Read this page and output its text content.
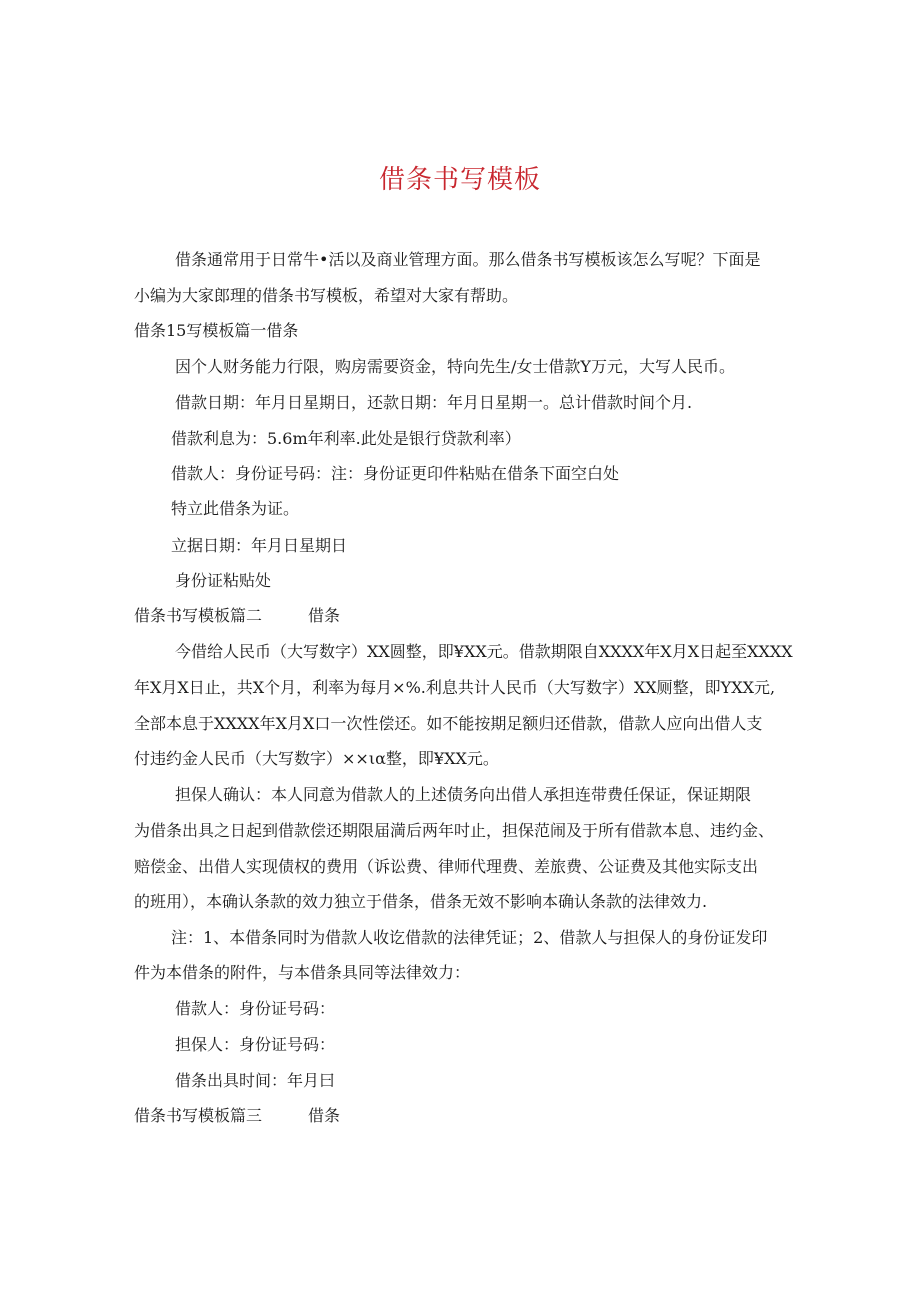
借条书写模板
借条通常用于日常牛•活以及商业管理方面。那么借条书写模板该怎么写呢？下面是
小编为大家郎理的借条书写模板，希望对大家有帮助。
借条15写模板篇一借条
因个人财务能力行限，购房需要资金，特向先生/女士借款Y万元，大写人民币。
借款日期：年月日星期日，还款日期：年月日星期一。总计借款时间个月.
借款利息为：5.6m年利率.此处是银行贷款利率）
借款人：身份证号码：注：身份证更印件粘贴在借条下面空白处
特立此借条为证。
立据日期：年月日星期日
身份证粘贴处
借条书写模板篇二	借条
今借给人民币（大写数字）XX圆整，即¥XX元。借款期限自XXXX年X月X日起至XXXX
年X月X日止，共X个月，利率为每月×%.利息共计人民币（大写数字）XX厕整，即YXX元,
全部本息于XXXX年X月X口一次性偿还。如不能按期足额归还借款，借款人应向出借人支
付违约金人民币（大写数字）××ια整，即¥XX元。
担保人确认：本人同意为借款人的上述债务向出借人承担连带费任保证，保证期限
为借条出具之日起到借款偿还期限届満后两年吋止，担保范闹及于所有借款本息、违约金、
赔偿金、出借人实现债权的费用（诉讼费、律师代理费、差旅费、公证费及其他实际支出
的班用），本确认条款的效力独立于借条，借条无效不影响本确认条款的法律效力.
注：1、本借条同时为借款人收讫借款的法律凭证；2、借款人与担保人的身份证发印
件为本借条的附件，与本借条具同等法律效力：
借款人：身份证号码：
担保人：身份证号码：
借条出具时间：年月曰
借条书写模板篇三	借条
